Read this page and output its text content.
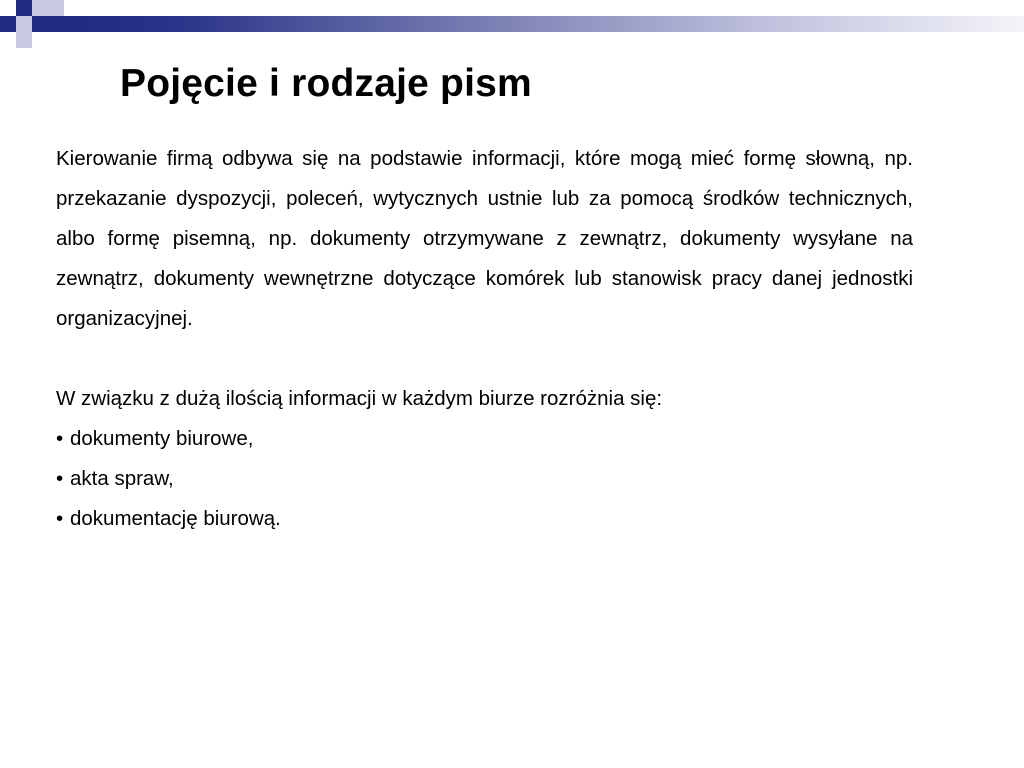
Pojęcie i rodzaje pism

Kierowanie firmą odbywa się na podstawie informacji, które mogą mieć formę słowną, np. przekazanie dyspozycji, poleceń, wytycznych ustnie lub za pomocą środków technicznych, albo formę pisemną, np. dokumenty otrzymywane z zewnątrz, dokumenty wysyłane na zewnątrz, dokumenty wewnętrzne dotyczące komórek lub stanowisk pracy danej jednostki organizacyjnej.

W związku z dużą ilością informacji w każdym biurze rozróżnia się:

• dokumenty biurowe,
• akta spraw,
• dokumentację biurową.
